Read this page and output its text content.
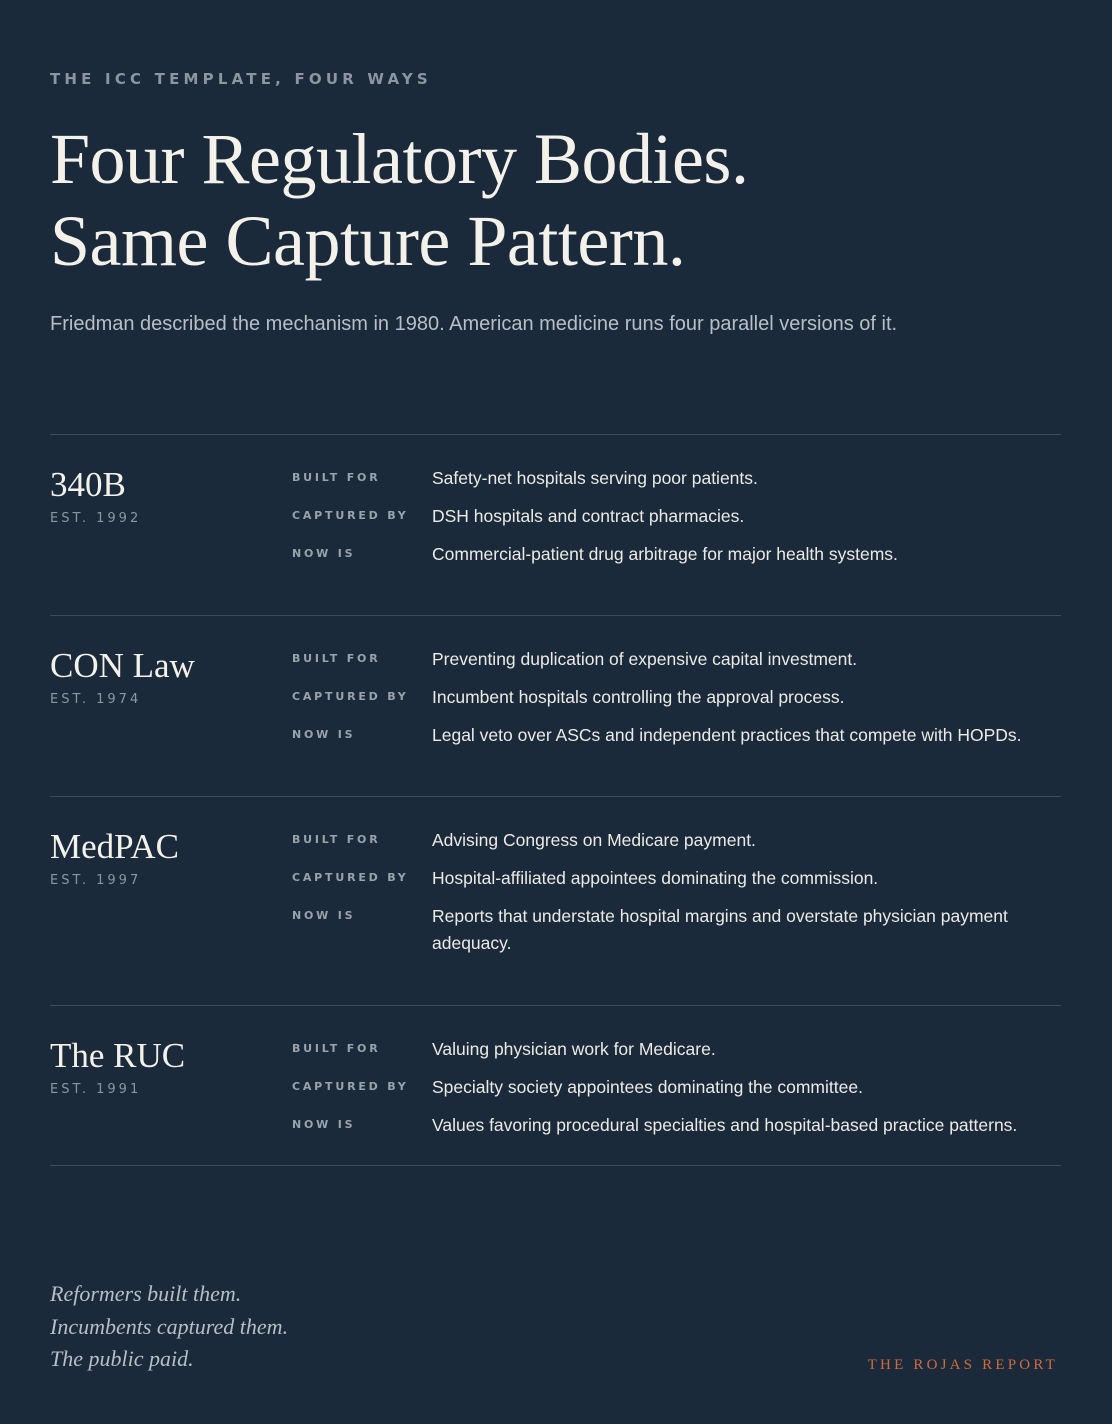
THE ICC TEMPLATE, FOUR WAYS
Four Regulatory Bodies.
Same Capture Pattern.

Friedman described the mechanism in 1980. American medicine runs four parallel versions of it.

340B
EST. 1992
BUILT FOR	Safety-net hospitals serving poor patients.
CAPTURED BY DSH hospitals and contract pharmacies.
NOW IS	Commercial-patient drug arbitrage for major health systems.
CON Law
EST. 1974
BUILT FOR	Preventing duplication of expensive capital investment.
CAPTURED BY Incumbent hospitals controlling the approval process.
NOW IS	Legal veto over ASCs and independent practices that compete with HOPDs.
MedPAC
EST. 1997
BUILT FOR	Advising Congress on Medicare payment.
CAPTURED BY Hospital-affiliated appointees dominating the commission.
NOW IS	Reports that understate hospital margins and overstate physician payment adequacy.
The RUC
EST. 1991
BUILT FOR	Valuing physician work for Medicare.
CAPTURED BY Specialty society appointees dominating the committee.
NOW IS	Values favoring procedural specialties and hospital-based practice patterns.
Reformers built them.
Incumbents captured them.
The public paid.	THE ROJAS REPORT
